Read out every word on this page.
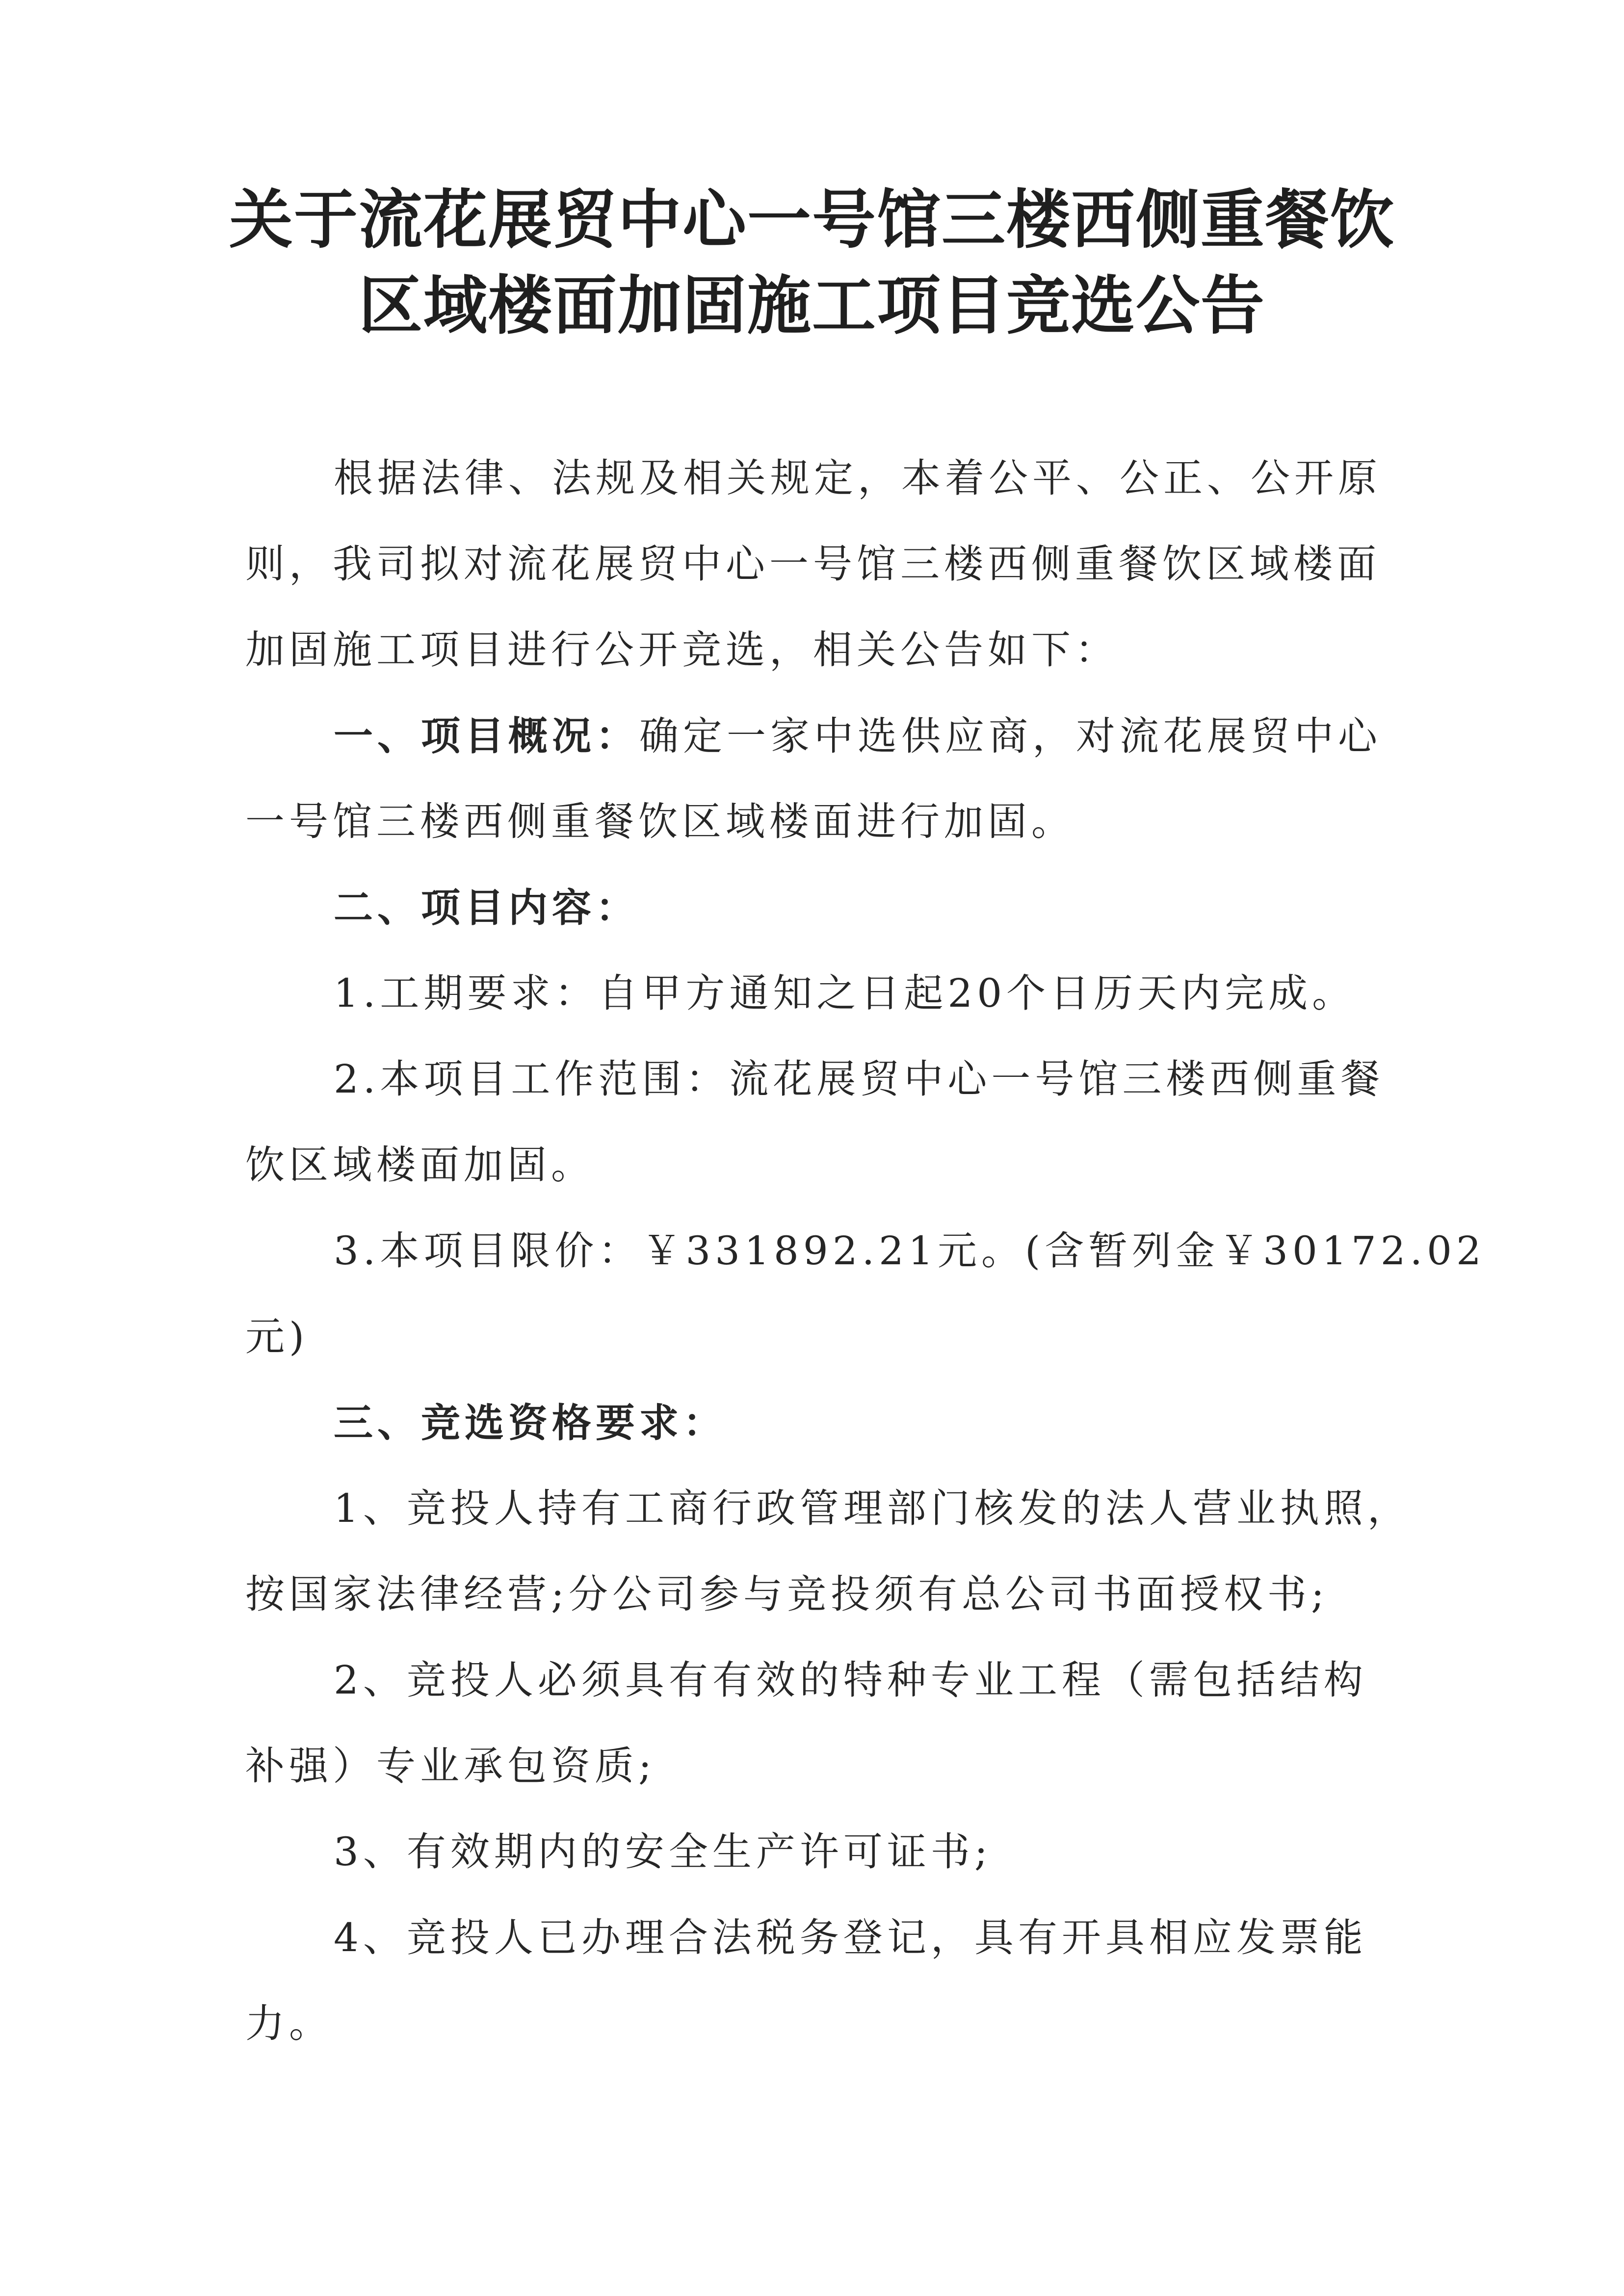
关于流花展贸中心一号馆三楼西侧重餐饮
区域楼面加固施工项目竞选公告
根据法律、法规及相关规定，本着公平、公正、公开原
则，我司拟对流花展贸中心一号馆三楼西侧重餐饮区域楼面
加固施工项目进行公开竞选，相关公告如下：
一、项目概况：确定一家中选供应商，对流花展贸中心
一号馆三楼西侧重餐饮区域楼面进行加固。
二、项目内容：
1.工期要求：自甲方通知之日起20个日历天内完成。
2.本项目工作范围：流花展贸中心一号馆三楼西侧重餐
饮区域楼面加固。
3.本项目限价：￥331892.21元。(含暂列金￥30172.02
元)
三、竞选资格要求：
1、竞投人持有工商行政管理部门核发的法人营业执照，
按国家法律经营;分公司参与竞投须有总公司书面授权书;
2、竞投人必须具有有效的特种专业工程（需包括结构
补强）专业承包资质;
3、有效期内的安全生产许可证书;
4、竞投人已办理合法税务登记，具有开具相应发票能
力。
